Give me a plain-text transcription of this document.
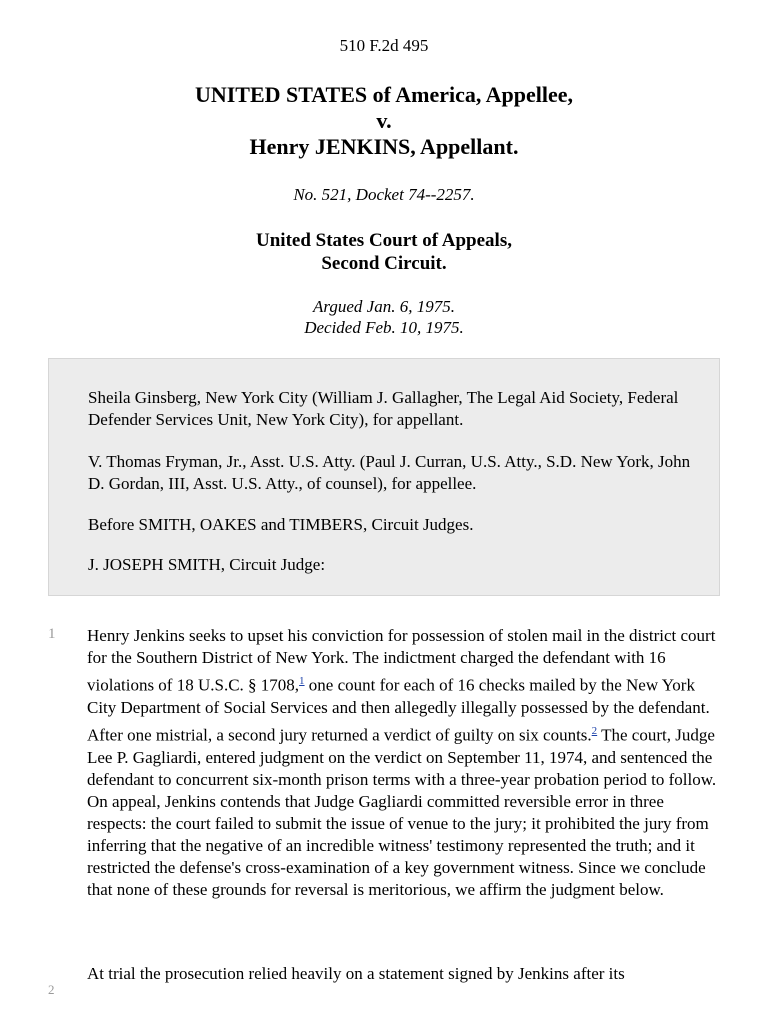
510 F.2d 495
UNITED STATES of America, Appellee,
v.
Henry JENKINS, Appellant.
No. 521, Docket 74--2257.
United States Court of Appeals,
Second Circuit.
Argued Jan. 6, 1975.
Decided Feb. 10, 1975.

Sheila Ginsberg, New York City (William J. Gallagher, The Legal Aid Society, Federal Defender Services Unit, New York City), for appellant.

V. Thomas Fryman, Jr., Asst. U.S. Atty. (Paul J. Curran, U.S. Atty., S.D. New York, John D. Gordan, III, Asst. U.S. Atty., of counsel), for appellee.

Before SMITH, OAKES and TIMBERS, Circuit Judges.

J. JOSEPH SMITH, Circuit Judge:

1 Henry Jenkins seeks to upset his conviction for possession of stolen mail in the district court for the Southern District of New York. The indictment charged the defendant with 16 violations of 18 U.S.C. § 1708,$^1$ one count for each of 16 checks mailed by the New York City Department of Social Services and then allegedly illegally possessed by the defendant. After one mistrial, a second jury returned a verdict of guilty on six counts.$^2$ The court, Judge Lee P. Gagliardi, entered judgment on the verdict on September 11, 1974, and sentenced the defendant to concurrent six-month prison terms with a three-year probation period to follow. On appeal, Jenkins contends that Judge Gagliardi committed reversible error in three respects: the court failed to submit the issue of venue to the jury; it prohibited the jury from inferring that the negative of an incredible witness' testimony represented the truth; and it restricted the defense's cross-examination of a key government witness. Since we conclude that none of these grounds for reversal is meritorious, we affirm the judgment below.

2

At trial the prosecution relied heavily on a statement signed by Jenkins after its
